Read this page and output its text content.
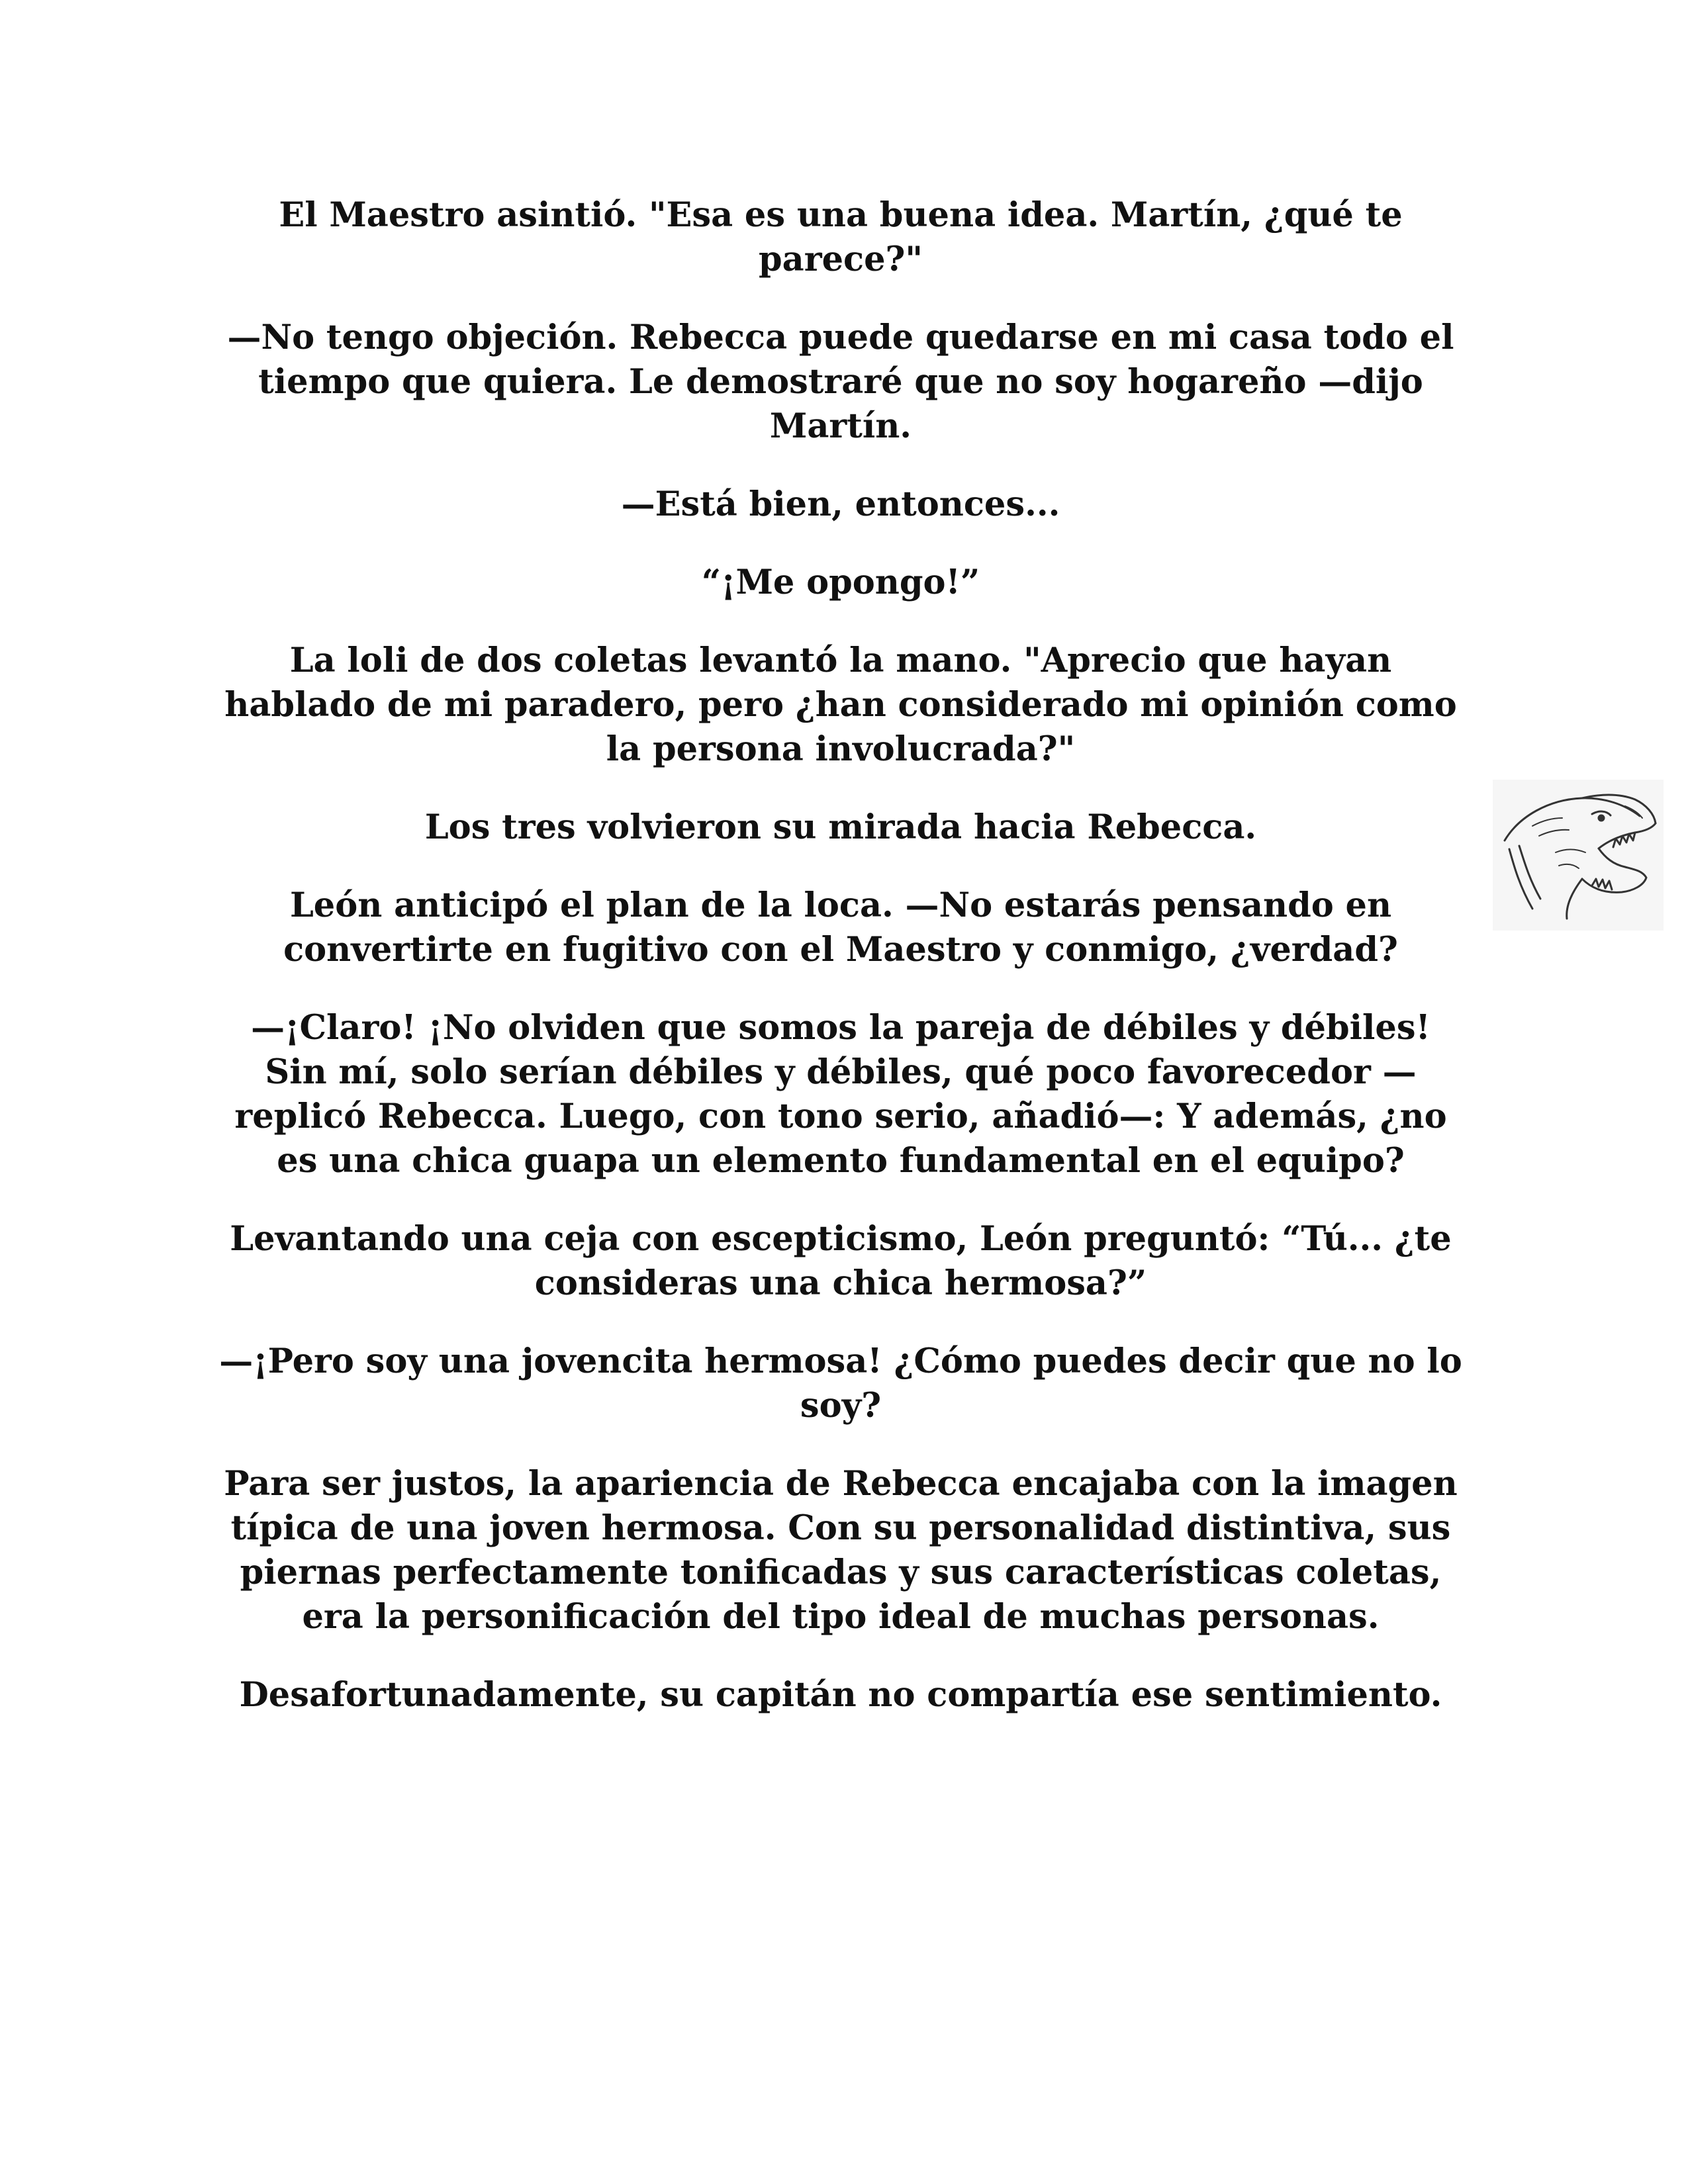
El Maestro asintió. "Esa es una buena idea. Martín, ¿qué te parece?"

—No tengo objeción. Rebecca puede quedarse en mi casa todo el tiempo que quiera. Le demostraré que no soy hogareño —dijo Martín.

—Está bien, entonces...

“¡Me opongo!”

La loli de dos coletas levantó la mano. "Aprecio que hayan hablado de mi paradero, pero ¿han considerado mi opinión como la persona involucrada?"

Los tres volvieron su mirada hacia Rebecca.

León anticipó el plan de la loca. —No estarás pensando en convertirte en fugitivo con el Maestro y conmigo, ¿verdad?

—¡Claro! ¡No olviden que somos la pareja de débiles y débiles! Sin mí, solo serían débiles y débiles, qué poco favorecedor —replicó Rebecca. Luego, con tono serio, añadió—: Y además, ¿no es una chica guapa un elemento fundamental en el equipo?

Levantando una ceja con escepticismo, León preguntó: “Tú... ¿te consideras una chica hermosa?”

—¡Pero soy una jovencita hermosa! ¿Cómo puedes decir que no lo soy?

Para ser justos, la apariencia de Rebecca encajaba con la imagen típica de una joven hermosa. Con su personalidad distintiva, sus piernas perfectamente tonificadas y sus características coletas, era la personificación del tipo ideal de muchas personas.

Desafortunadamente, su capitán no compartía ese sentimiento.
